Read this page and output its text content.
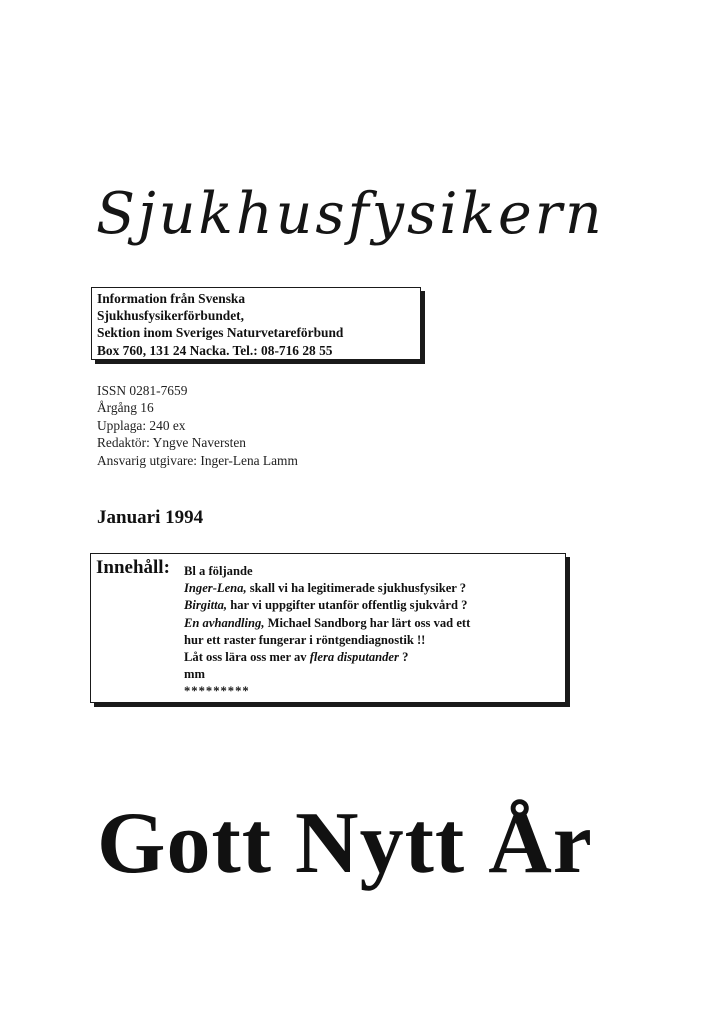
Sjukhusfysikern
Information från Svenska
Sjukhusfysikerförbundet,
Sektion inom Sveriges Naturvetareförbund
Box 760, 131 24 Nacka. Tel.: 08-716 28 55
ISSN 0281-7659
Årgång 16
Upplaga: 240 ex
Redaktör: Yngve Naversten
Ansvarig utgivare: Inger-Lena Lamm
Januari 1994
Innehåll: Bl a följande
Inger-Lena, skall vi ha legitimerade sjukhusfysiker ?
Birgitta, har vi uppgifter utanför offentlig sjukvård ?
En avhandling, Michael Sandborg har lärt oss vad ett
hur ett raster fungerar i röntgendiagnostik !!
Låt oss lära oss mer av flera disputander ?
mm
*********
Gott Nytt År
